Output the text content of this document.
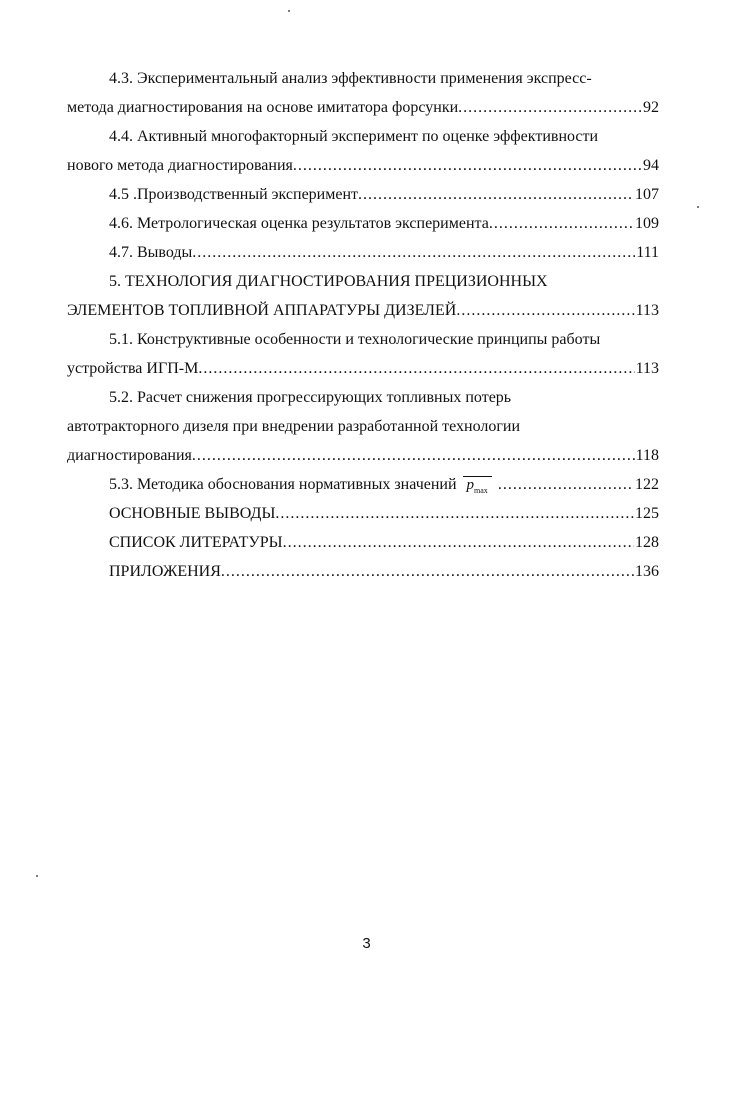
4.3. Экспериментальный анализ эффективности применения экспресс-
метода диагностирования на основе имитатора форсунки .....	92
4.4. Активный многофакторный эксперимент по оценке эффективности
нового метода диагностирования .....	94
4.5 .Производственный эксперимент .....	107
4.6. Метрологическая оценка результатов эксперимента .....	109
4.7. Выводы .....	111
5. ТЕХНОЛОГИЯ ДИАГНОСТИРОВАНИЯ ПРЕЦИЗИОННЫХ
ЭЛЕМЕНТОВ ТОПЛИВНОЙ АППАРАТУРЫ ДИЗЕЛЕЙ .....	113
5.1. Конструктивные особенности и технологические принципы работы
устройства ИГП-М .....	113
5.2. Расчет снижения прогрессирующих топливных потерь
автотракторного дизеля при внедрении разработанной технологии
диагностирования .....	118
5.3. Методика обоснования нормативных значений $p_{max}$ .....	122
ОСНОВНЫЕ ВЫВОДЫ .....	125
СПИСОК ЛИТЕРАТУРЫ .....	128
ПРИЛОЖЕНИЯ .....	136
3
